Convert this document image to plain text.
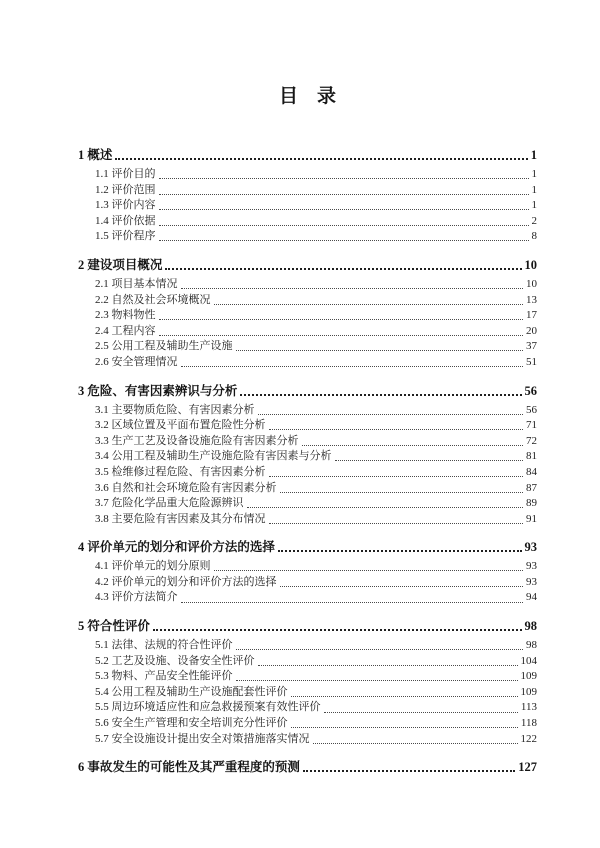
目　录
1 概述	1
1.1 评价目的	1
1.2 评价范围	1
1.3 评价内容	1
1.4 评价依据	2
1.5 评价程序	8
2 建设项目概况	10
2.1 项目基本情况	10
2.2 自然及社会环境概况	13
2.3 物料物性	17
2.4 工程内容	20
2.5 公用工程及辅助生产设施	37
2.6 安全管理情况	51
3 危险、有害因素辨识与分析	56
3.1 主要物质危险、有害因素分析	56
3.2 区域位置及平面布置危险性分析	71
3.3 生产工艺及设备设施危险有害因素分析	72
3.4 公用工程及辅助生产设施危险有害因素与分析	81
3.5 检维修过程危险、有害因素分析	84
3.6 自然和社会环境危险有害因素分析	87
3.7 危险化学品重大危险源辨识	89
3.8 主要危险有害因素及其分布情况	91
4 评价单元的划分和评价方法的选择	93
4.1 评价单元的划分原则	93
4.2 评价单元的划分和评价方法的选择	93
4.3 评价方法简介	94
5 符合性评价	98
5.1 法律、法规的符合性评价	98
5.2 工艺及设施、设备安全性评价	104
5.3 物料、产品安全性能评价	109
5.4 公用工程及辅助生产设施配套性评价	109
5.5 周边环境适应性和应急救援预案有效性评价	113
5.6 安全生产管理和安全培训充分性评价	118
5.7 安全设施设计提出安全对策措施落实情况	122
6 事故发生的可能性及其严重程度的预测	127
